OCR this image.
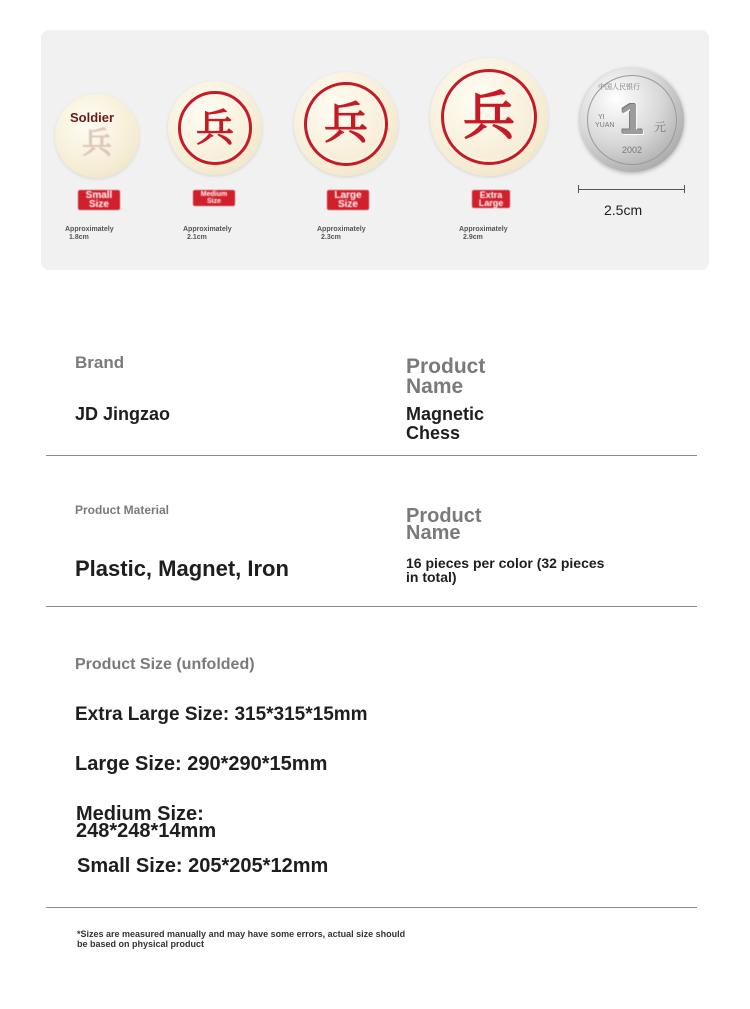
兵
Soldier 兵 兵 兵
Small Size
Medium Size
Large Size
Extra Large
Approximately
1.8cm
Approximately
2.1cm
Approximately
2.3cm
Approximately
2.9cm
中国人民银行
YI
YUAN 1 元
2002
2.5cm
Brand
JD Jingzao
Product Name
Magnetic Chess
Product Material
Plastic, Magnet, Iron
Product Name
16 pieces per color (32 pieces in total)
Product Size (unfolded)
Extra Large Size: 315*315*15mm
Large Size: 290*290*15mm
Medium Size: 248*248*14mm
Small Size: 205*205*12mm
*Sizes are measured manually and may have some errors, actual size should be based on physical product
